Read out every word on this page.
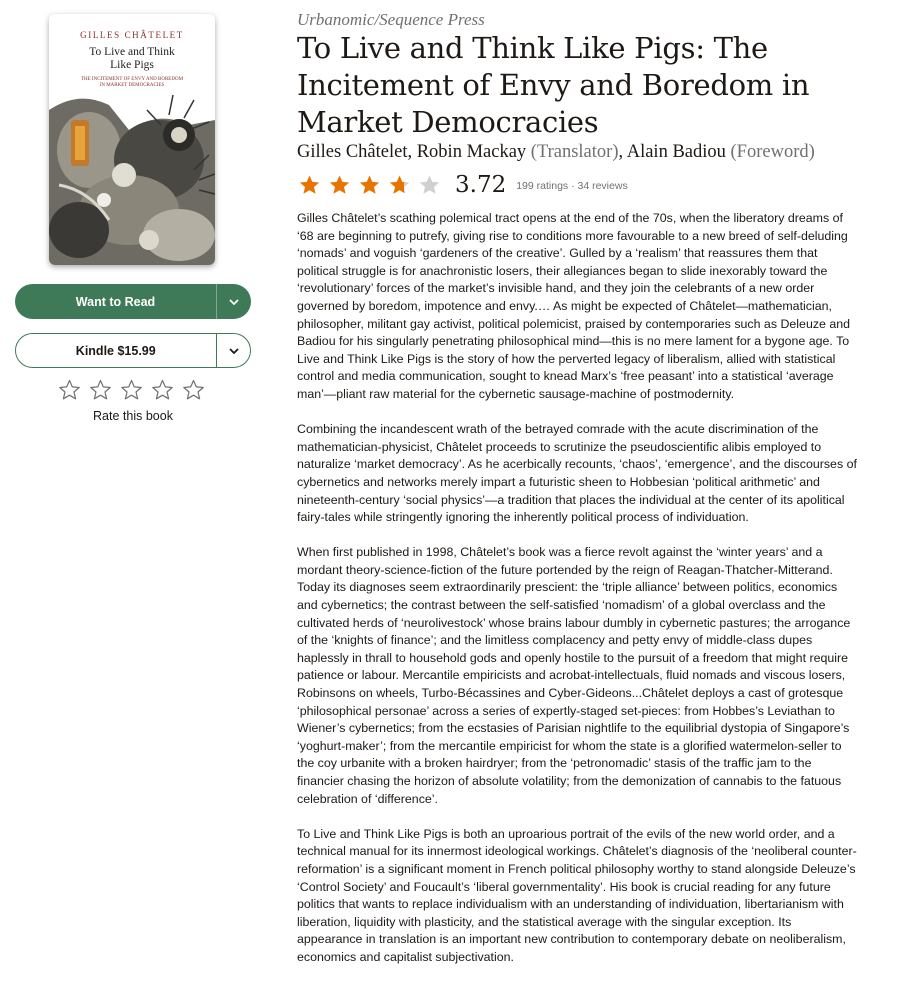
GILLES CHÂTELET
To Live and Think
Like Pigs
THE INCITEMENT OF ENVY AND BOREDOM
IN MARKET DEMOCRACIES
Want to Read
Kindle $15.99
Rate this book
Urbanomic/Sequence Press
To Live and Think Like Pigs: The Incitement of Envy and Boredom in Market Democracies
Gilles Châtelet, Robin Mackay (Translator), Alain Badiou (Foreword)
3.72 199 ratings · 34 reviews

Gilles Châtelet’s scathing polemical tract opens at the end of the 70s, when the liberatory dreams of ‘68 are beginning to putrefy, giving rise to conditions more favourable to a new breed of self-deluding ‘nomads’ and voguish ‘gardeners of the creative’. Gulled by a ‘realism’ that reassures them that political struggle is for anachronistic losers, their allegiances began to slide inexorably toward the ‘revolutionary’ forces of the market’s invisible hand, and they join the celebrants of a new order governed by boredom, impotence and envy.… As might be expected of Châtelet—mathematician, philosopher, militant gay activist, political polemicist, praised by contemporaries such as Deleuze and Badiou for his singularly penetrating philosophical mind—this is no mere lament for a bygone age. To Live and Think Like Pigs is the story of how the perverted legacy of liberalism, allied with statistical control and media communication, sought to knead Marx’s ‘free peasant’ into a statistical ‘average man’—pliant raw material for the cybernetic sausage-machine of postmodernity.

Combining the incandescent wrath of the betrayed comrade with the acute discrimination of the mathematician-physicist, Châtelet proceeds to scrutinize the pseudoscientific alibis employed to naturalize ‘market democracy’. As he acerbically recounts, ‘chaos’, ‘emergence’, and the discourses of cybernetics and networks merely impart a futuristic sheen to Hobbesian ‘political arithmetic’ and nineteenth-century ‘social physics’—a tradition that places the individual at the center of its apolitical fairy-tales while stringently ignoring the inherently political process of individuation.

When first published in 1998, Châtelet’s book was a fierce revolt against the ‘winter years’ and a mordant theory-science-fiction of the future portended by the reign of Reagan-Thatcher-Mitterand. Today its diagnoses seem extraordinarily prescient: the ‘triple alliance’ between politics, economics and cybernetics; the contrast between the self-satisfied ‘nomadism’ of a global overclass and the cultivated herds of ‘neurolivestock’ whose brains labour dumbly in cybernetic pastures; the arrogance of the ‘knights of finance’; and the limitless complacency and petty envy of middle-class dupes haplessly in thrall to household gods and openly hostile to the pursuit of a freedom that might require patience or labour. Mercantile empiricists and acrobat-intellectuals, fluid nomads and viscous losers, Robinsons on wheels, Turbo-Bécassines and Cyber-Gideons...Châtelet deploys a cast of grotesque ‘philosophical personae’ across a series of expertly-staged set-pieces: from Hobbes’s Leviathan to Wiener’s cybernetics; from the ecstasies of Parisian nightlife to the equilibrial dystopia of Singapore’s ‘yoghurt-maker’; from the mercantile empiricist for whom the state is a glorified watermelon-seller to the coy urbanite with a broken hairdryer; from the ‘petronomadic’ stasis of the traffic jam to the financier chasing the horizon of absolute volatility; from the demonization of cannabis to the fatuous celebration of ‘difference’.

To Live and Think Like Pigs is both an uproarious portrait of the evils of the new world order, and a technical manual for its innermost ideological workings. Châtelet’s diagnosis of the ‘neoliberal counter-reformation’ is a significant moment in French political philosophy worthy to stand alongside Deleuze’s ‘Control Society’ and Foucault’s ‘liberal governmentality’. His book is crucial reading for any future politics that wants to replace individualism with an understanding of individuation, libertarianism with liberation, liquidity with plasticity, and the statistical average with the singular exception. Its appearance in translation is an important new contribution to contemporary debate on neoliberalism, economics and capitalist subjectivation.
